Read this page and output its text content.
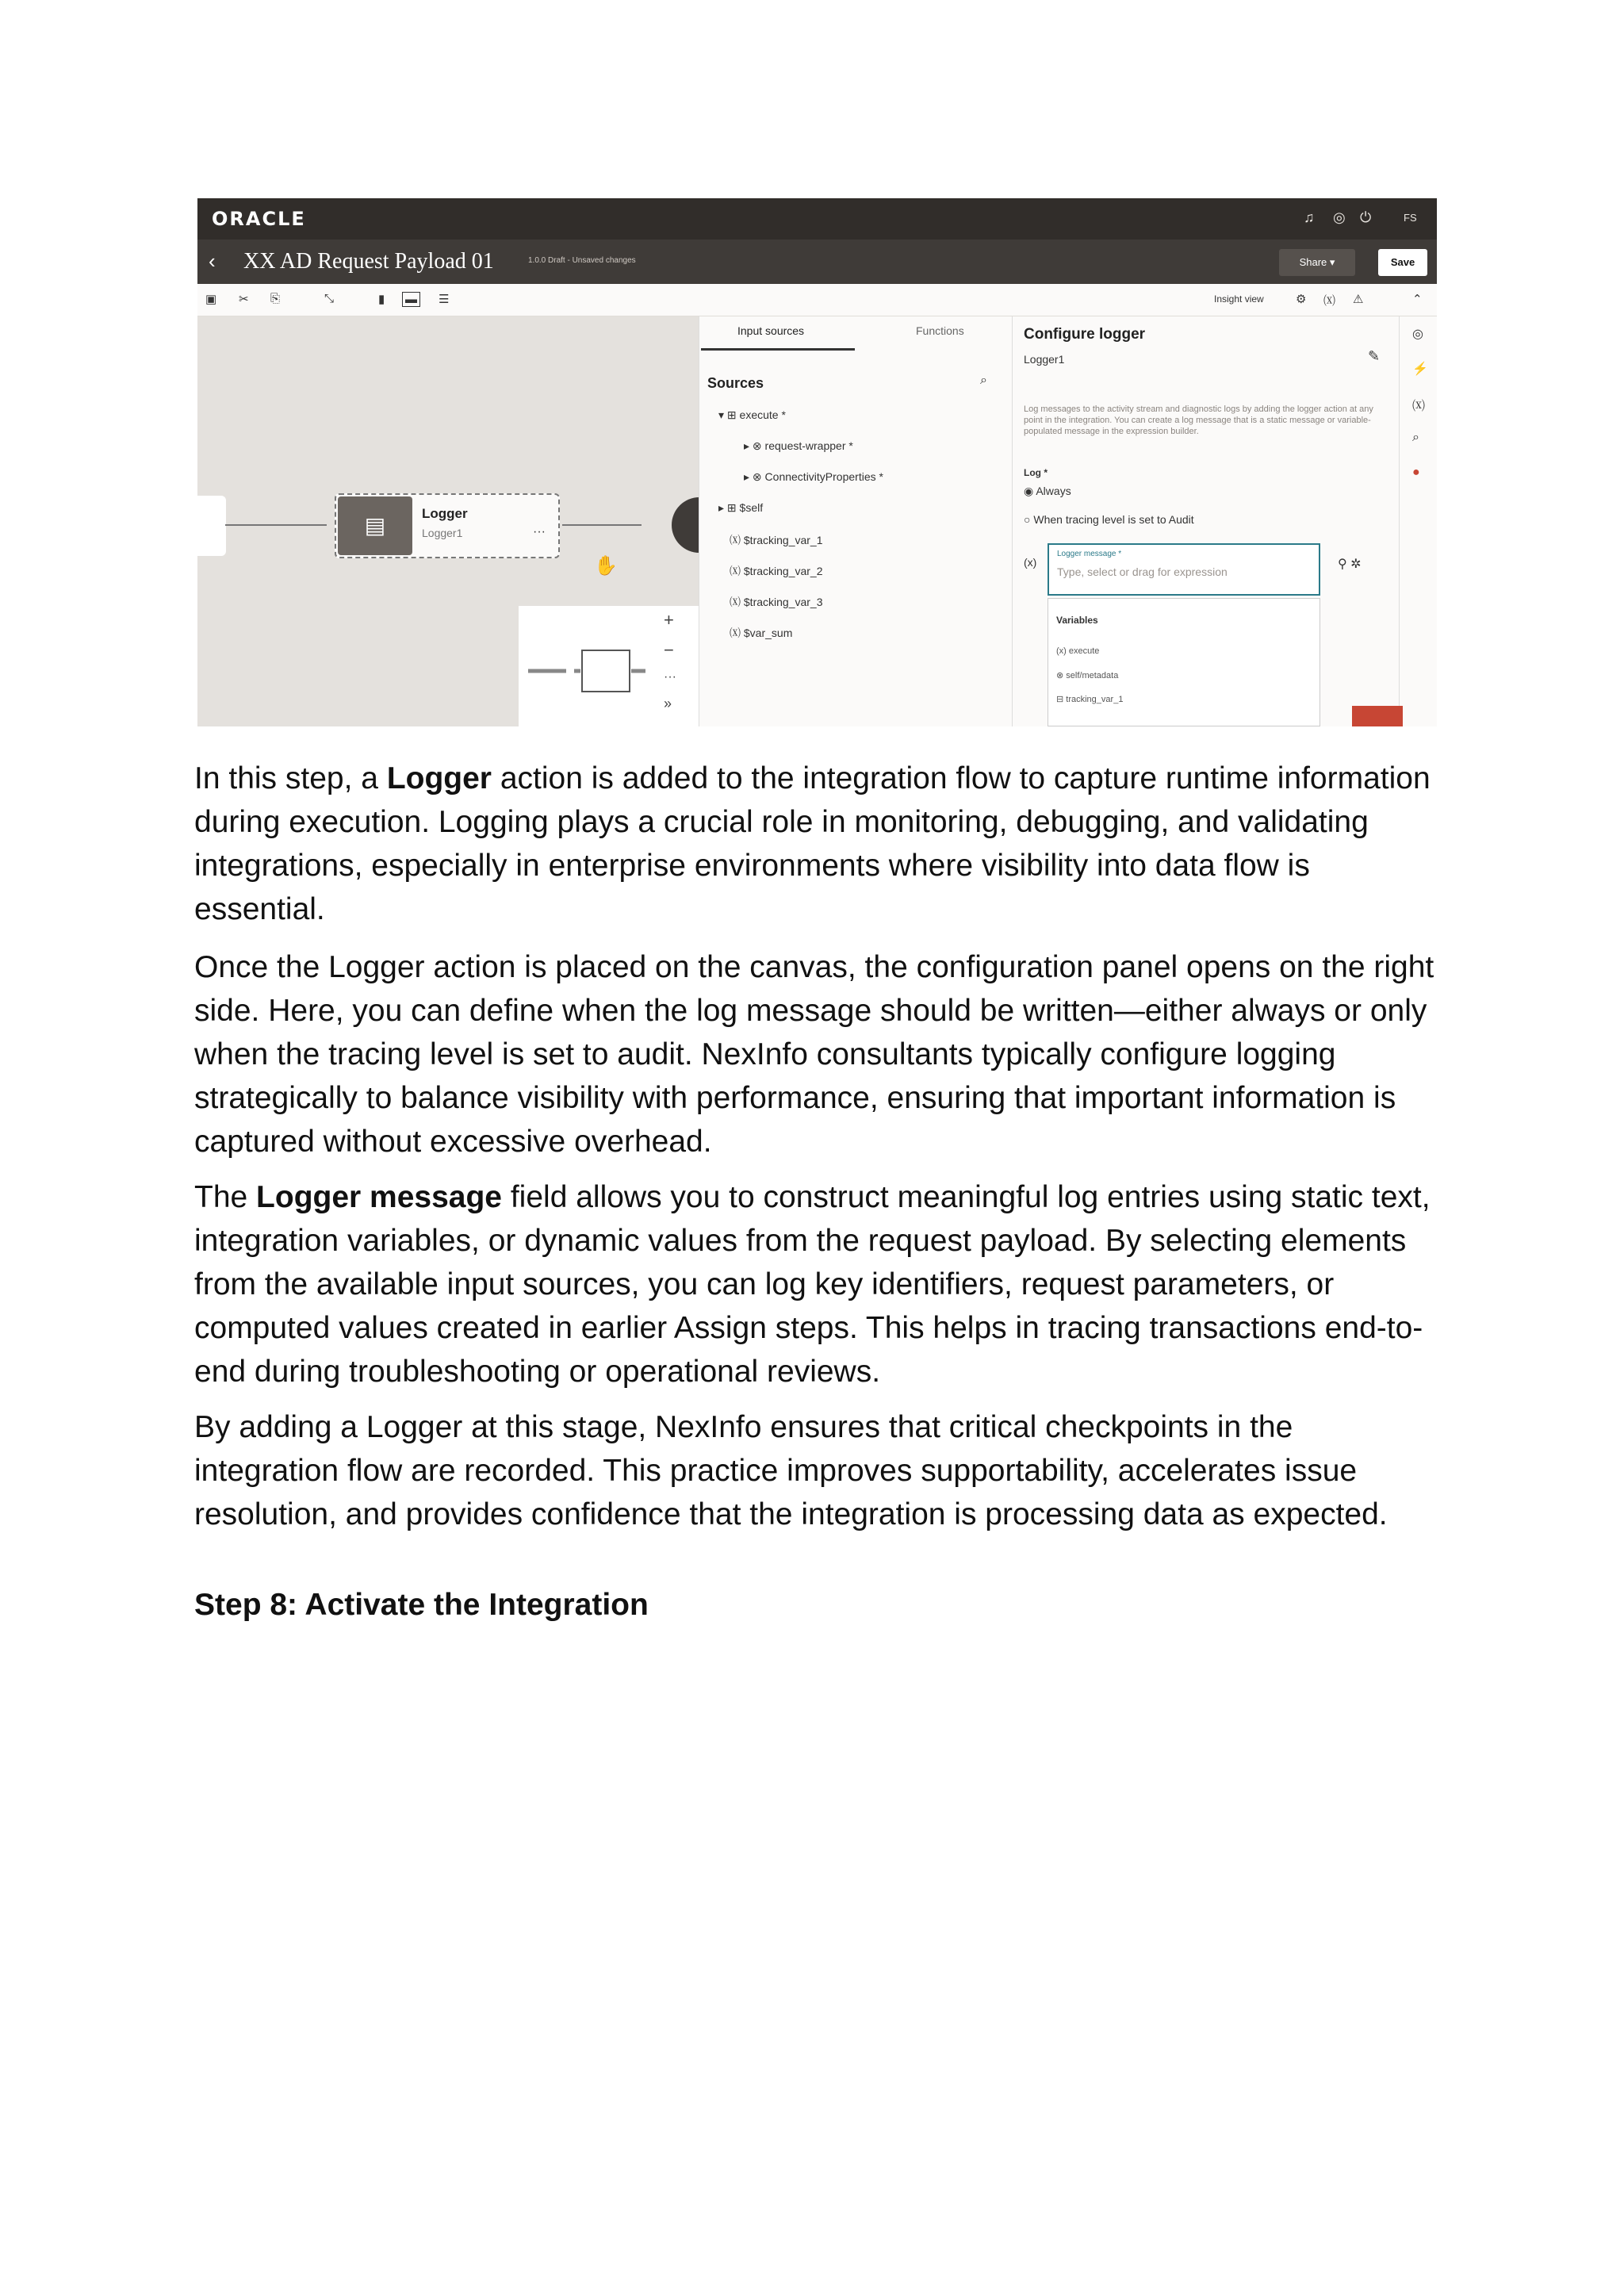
ORACLE	♫ ◎ ⏻	FS
‹ XX AD Request Payload 01	1.0.0 Draft - Unsaved changes	Share ▾	Save
▣ ✂ ⎘	⤡	▮ ▬ ☰	Insight view	⚙ ⒳ ⚠	⌃
▤	Logger
Logger1	···
✋
+
−
···
»
Input sources	Functions
Sources	⌕
▾ ⊞ execute *
▸ ⊗ request-wrapper *
▸ ⊗ ConnectivityProperties *
▸ ⊞ $self
⒳ $tracking_var_1
⒳ $tracking_var_2
⒳ $tracking_var_3
⒳ $var_sum
Configure logger
Logger1	✎
Log messages to the activity stream and diagnostic logs by adding the logger action at any point in the integration. You can create a log message that is a static message or variable-populated message in the expression builder.
Log *
◉ Always
○ When tracing level is set to Audit
(x)
Logger message *
Type, select or drag for expression
⚲ ✲
Variables
(x) execute
⊗ self/metadata
⊟ tracking_var_1
◎
⚡
⒳
⌕
●
In this step, a Logger action is added to the integration flow to capture runtime information during execution. Logging plays a crucial role in monitoring, debugging, and validating integrations, especially in enterprise environments where visibility into data flow is essential.
Once the Logger action is placed on the canvas, the configuration panel opens on the right side. Here, you can define when the log message should be written—either always or only when the tracing level is set to audit. NexInfo consultants typically configure logging strategically to balance visibility with performance, ensuring that important information is captured without excessive overhead.
The Logger message field allows you to construct meaningful log entries using static text, integration variables, or dynamic values from the request payload. By selecting elements from the available input sources, you can log key identifiers, request parameters, or computed values created in earlier Assign steps. This helps in tracing transactions end-to-end during troubleshooting or operational reviews.
By adding a Logger at this stage, NexInfo ensures that critical checkpoints in the integration flow are recorded. This practice improves supportability, accelerates issue resolution, and provides confidence that the integration is processing data as expected.
Step 8: Activate the Integration
